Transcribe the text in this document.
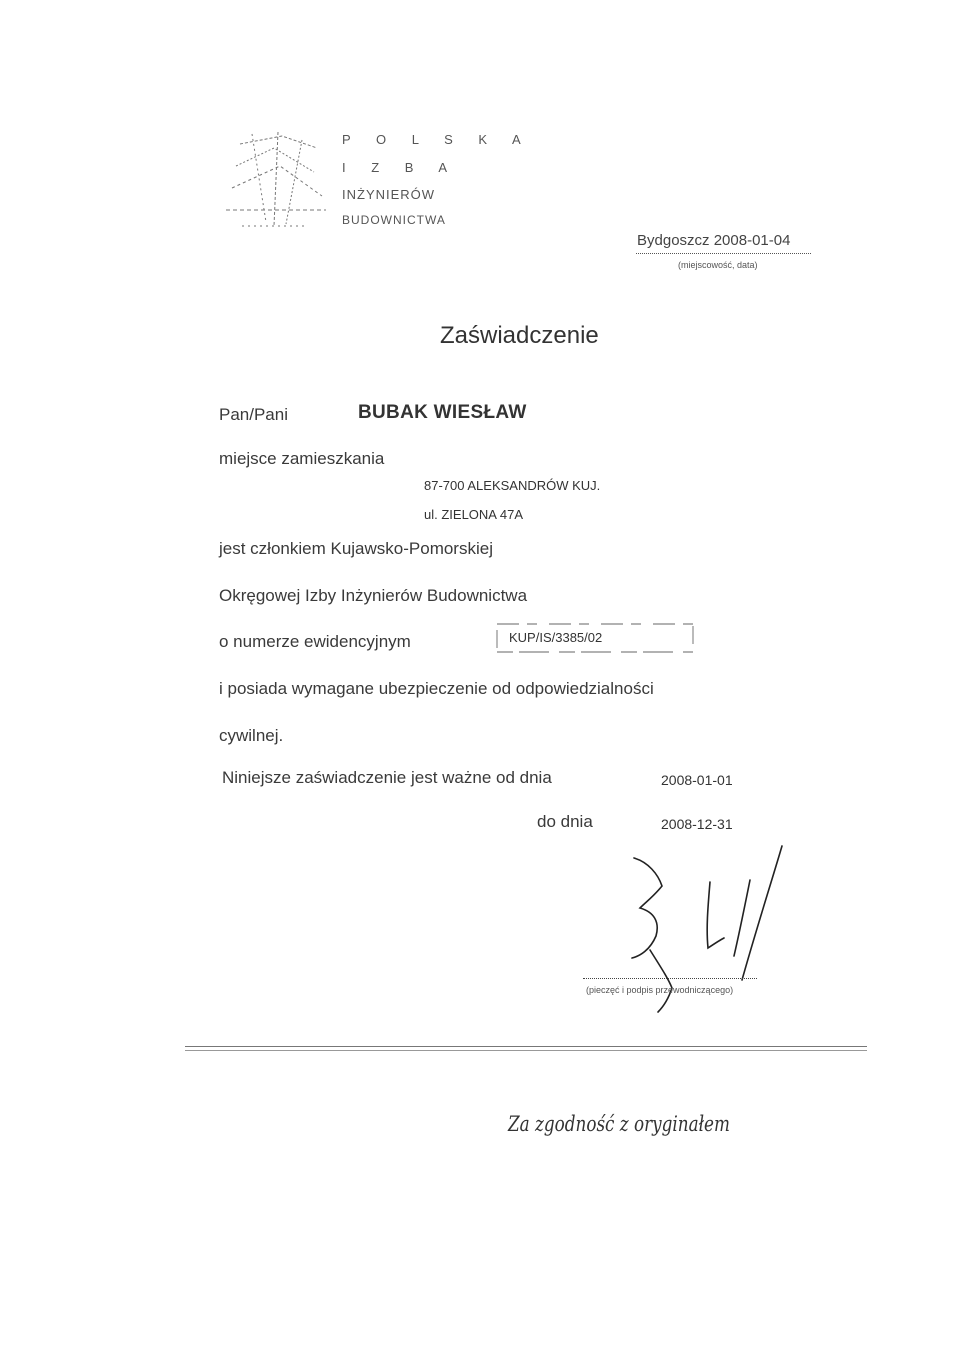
P O L S K A
I Z B A
INŻYNIERÓW
BUDOWNICTWA
Bydgoszcz 2008-01-04
(miejscowość, data)
Zaświadczenie
Pan/Pani	BUBAK WIESŁAW
miejsce zamieszkania
87-700 ALEKSANDRÓW KUJ.
ul. ZIELONA 47A
jest członkiem Kujawsko-Pomorskiej
Okręgowej Izby Inżynierów Budownictwa
o numerze ewidencyjnym	KUP/IS/3385/02
i posiada wymagane ubezpieczenie od odpowiedzialności
cywilnej.
Niniejsze zaświadczenie jest ważne od dnia	2008-01-01
do dnia	2008-12-31
(pieczęć i podpis przewodniczącego)
Za zgodność z oryginałem
